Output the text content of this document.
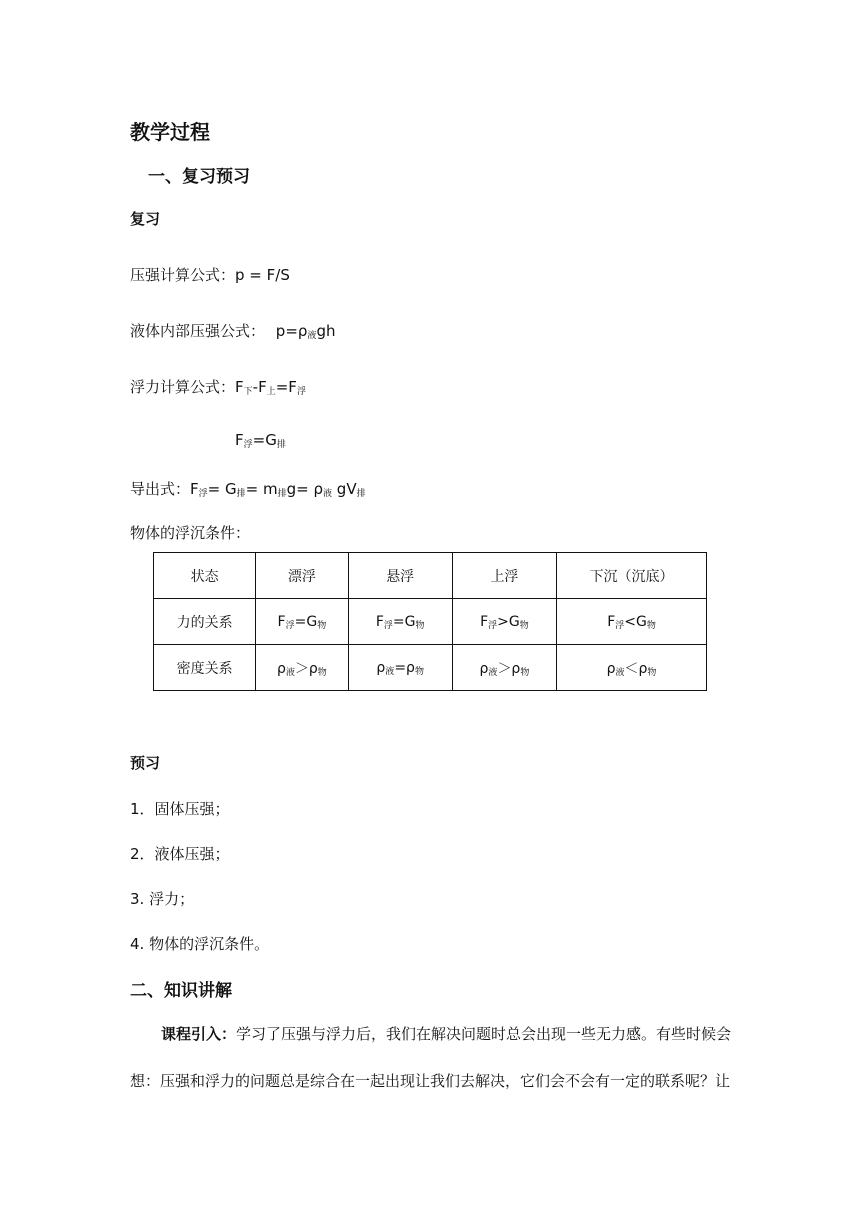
教学过程
一、复习预习
复习
压强计算公式：p = F/S
液体内部压强公式： $p=\rho_液gh$
浮力计算公式：$F_下-F_上=F_浮$
$F_浮=G_排$
导出式：$F_浮= G_排= m_排g= \rho_液$ $gV_排$
物体的浮沉条件：
状态	漂浮	悬浮	上浮	下沉（沉底）
力的关系	$F_浮=G_物$	$F_浮=G_物$	$F_浮>G_物$	$F_浮<G_物$
密度关系	$\rho_液>\rho_物$	$\rho_液=\rho_物$	$\rho_液>\rho_物$	$\rho_液<\rho_物$
预习
1．固体压强；
2．液体压强；
3. 浮力；
4. 物体的浮沉条件。
二、知识讲解
课程引入：学习了压强与浮力后，我们在解决问题时总会出现一些无力感。有些时候会
想：压强和浮力的问题总是综合在一起出现让我们去解决，它们会不会有一定的联系呢？让
